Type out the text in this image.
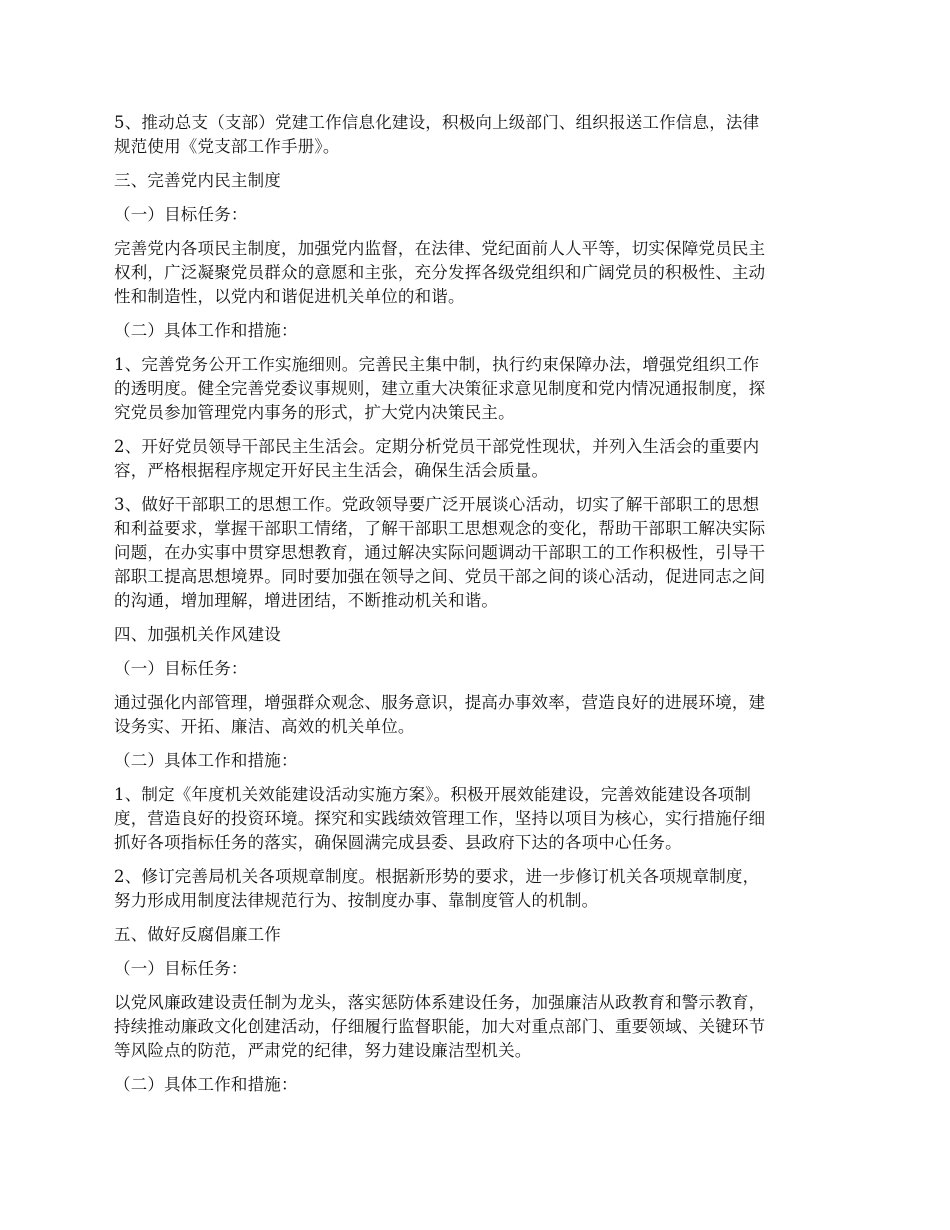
5、推动总支（支部）党建工作信息化建设，积极向上级部门、组织报送工作信息，法律
规范使用《党支部工作手册》。

三、完善党内民主制度

（一）目标任务：

完善党内各项民主制度，加强党内监督，在法律、党纪面前人人平等，切实保障党员民主
权利，广泛凝聚党员群众的意愿和主张，充分发挥各级党组织和广阔党员的积极性、主动
性和制造性，以党内和谐促进机关单位的和谐。

（二）具体工作和措施：

1、完善党务公开工作实施细则。完善民主集中制，执行约束保障办法，增强党组织工作
的透明度。健全完善党委议事规则，建立重大决策征求意见制度和党内情况通报制度，探
究党员参加管理党内事务的形式，扩大党内决策民主。

2、开好党员领导干部民主生活会。定期分析党员干部党性现状，并列入生活会的重要内
容，严格根据程序规定开好民主生活会，确保生活会质量。

3、做好干部职工的思想工作。党政领导要广泛开展谈心活动，切实了解干部职工的思想
和利益要求，掌握干部职工情绪，了解干部职工思想观念的变化，帮助干部职工解决实际
问题，在办实事中贯穿思想教育，通过解决实际问题调动干部职工的工作积极性，引导干
部职工提高思想境界。同时要加强在领导之间、党员干部之间的谈心活动，促进同志之间
的沟通，增加理解，增进团结，不断推动机关和谐。

四、加强机关作风建设

（一）目标任务：

通过强化内部管理，增强群众观念、服务意识，提高办事效率，营造良好的进展环境，建
设务实、开拓、廉洁、高效的机关单位。

（二）具体工作和措施：

1、制定《年度机关效能建设活动实施方案》。积极开展效能建设，完善效能建设各项制
度，营造良好的投资环境。探究和实践绩效管理工作，坚持以项目为核心，实行措施仔细
抓好各项指标任务的落实，确保圆满完成县委、县政府下达的各项中心任务。

2、修订完善局机关各项规章制度。根据新形势的要求，进一步修订机关各项规章制度，
努力形成用制度法律规范行为、按制度办事、靠制度管人的机制。

五、做好反腐倡廉工作

（一）目标任务：

以党风廉政建设责任制为龙头，落实惩防体系建设任务，加强廉洁从政教育和警示教育，
持续推动廉政文化创建活动，仔细履行监督职能，加大对重点部门、重要领域、关键环节
等风险点的防范，严肃党的纪律，努力建设廉洁型机关。

（二）具体工作和措施：
